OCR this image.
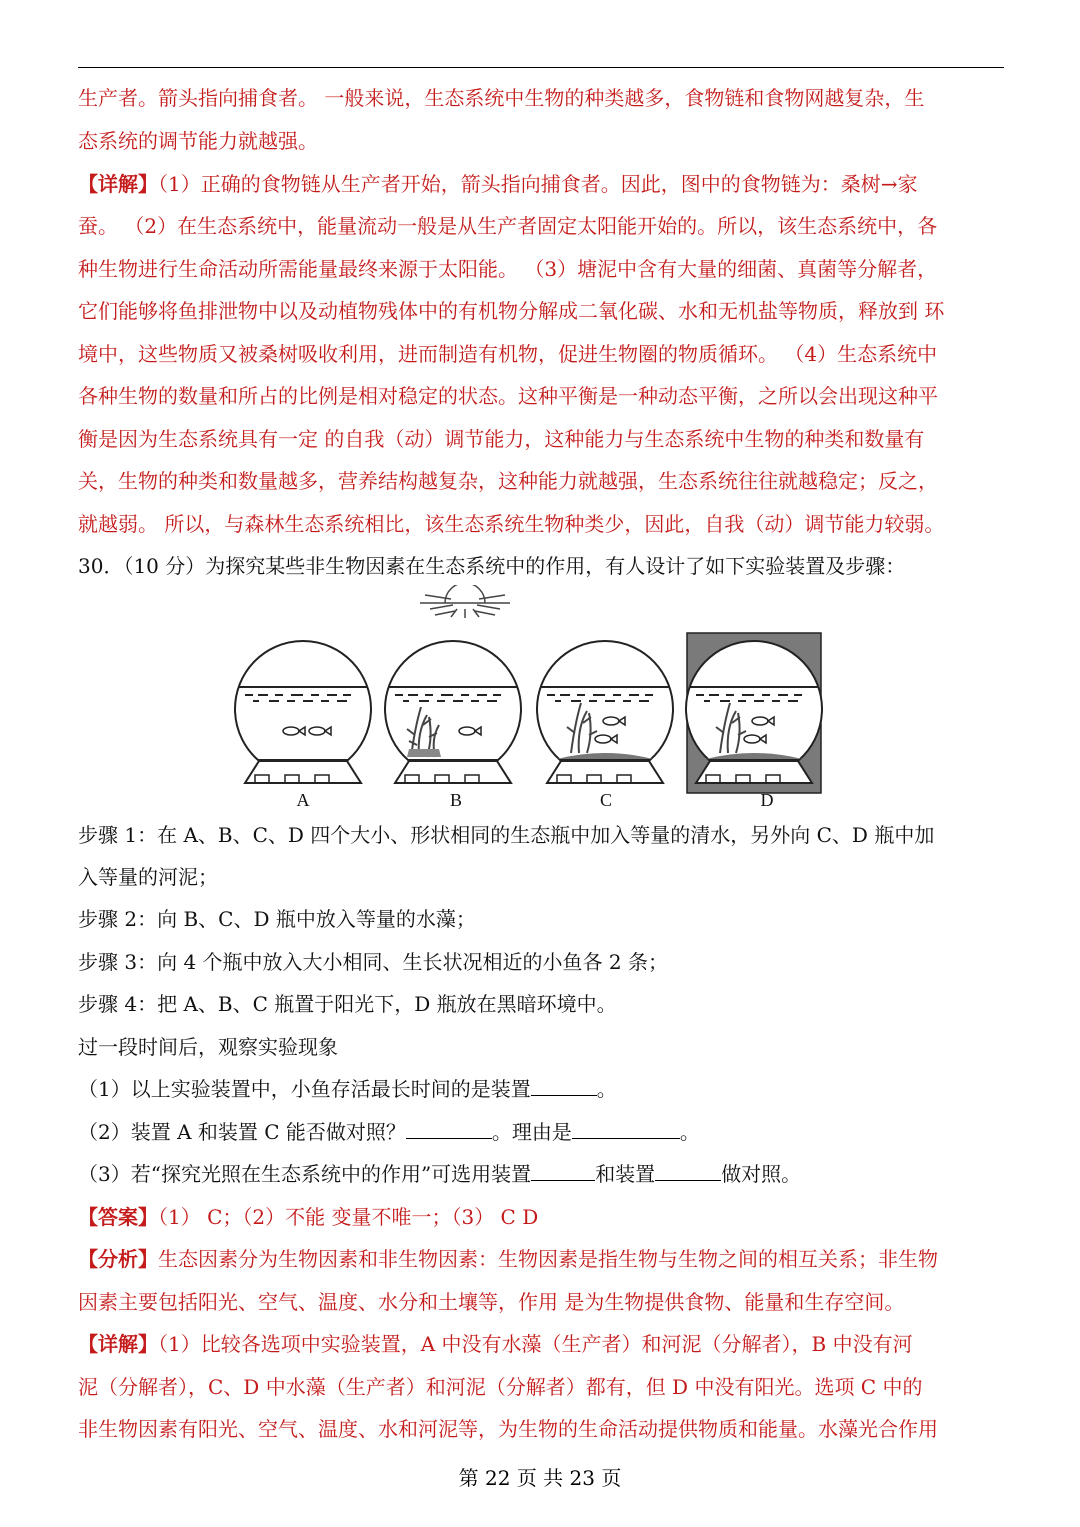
生产者。箭头指向捕食者。 一般来说，生态系统中生物的种类越多，食物链和食物网越复杂，生
态系统的调节能力就越强。
【详解】（1）正确的食物链从生产者开始，箭头指向捕食者。因此，图中的食物链为：桑树→家
蚕。 （2）在生态系统中，能量流动一般是从生产者固定太阳能开始的。所以，该生态系统中，各
种生物进行生命活动所需能量最终来源于太阳能。 （3）塘泥中含有大量的细菌、真菌等分解者，
它们能够将鱼排泄物中以及动植物残体中的有机物分解成二氧化碳、水和无机盐等物质，释放到 环
境中，这些物质又被桑树吸收利用，进而制造有机物，促进生物圈的物质循环。 （4）生态系统中
各种生物的数量和所占的比例是相对稳定的状态。这种平衡是一种动态平衡，之所以会出现这种平
衡是因为生态系统具有一定 的自我（动）调节能力，这种能力与生态系统中生物的种类和数量有
关，生物的种类和数量越多，营养结构越复杂，这种能力就越强，生态系统往往就越稳定；反之，
就越弱。 所以，与森林生态系统相比，该生态系统生物种类少，因此，自我（动）调节能力较弱。
30．（10 分）为探究某些非生物因素在生态系统中的作用，有人设计了如下实验装置及步骤：
A	B	C	D
步骤 1：在 A、B、C、D 四个大小、形状相同的生态瓶中加入等量的清水，另外向 C、D 瓶中加
入等量的河泥；
步骤 2：向 B、C、D 瓶中放入等量的水藻；
步骤 3：向 4 个瓶中放入大小相同、生长状况相近的小鱼各 2 条；
步骤 4：把 A、B、C 瓶置于阳光下，D 瓶放在黑暗环境中。
过一段时间后，观察实验现象
（1）以上实验装置中，小鱼存活最长时间的是装置	。
（2）装置 A 和装置 C 能否做对照？	。理由是	。
（3）若“探究光照在生态系统中的作用”可选用装置	和装置	做对照。
【答案】（1） C；（2）不能 变量不唯一；（3） C D
【分析】生态因素分为生物因素和非生物因素：生物因素是指生物与生物之间的相互关系；非生物
因素主要包括阳光、空气、温度、水分和土壤等，作用 是为生物提供食物、能量和生存空间。
【详解】（1）比较各选项中实验装置，A 中没有水藻（生产者）和河泥（分解者），B 中没有河
泥（分解者），C、D 中水藻（生产者）和河泥（分解者）都有，但 D 中没有阳光。选项 C 中的
非生物因素有阳光、空气、温度、水和河泥等，为生物的生命活动提供物质和能量。水藻光合作用
第 22 页 共 23 页
